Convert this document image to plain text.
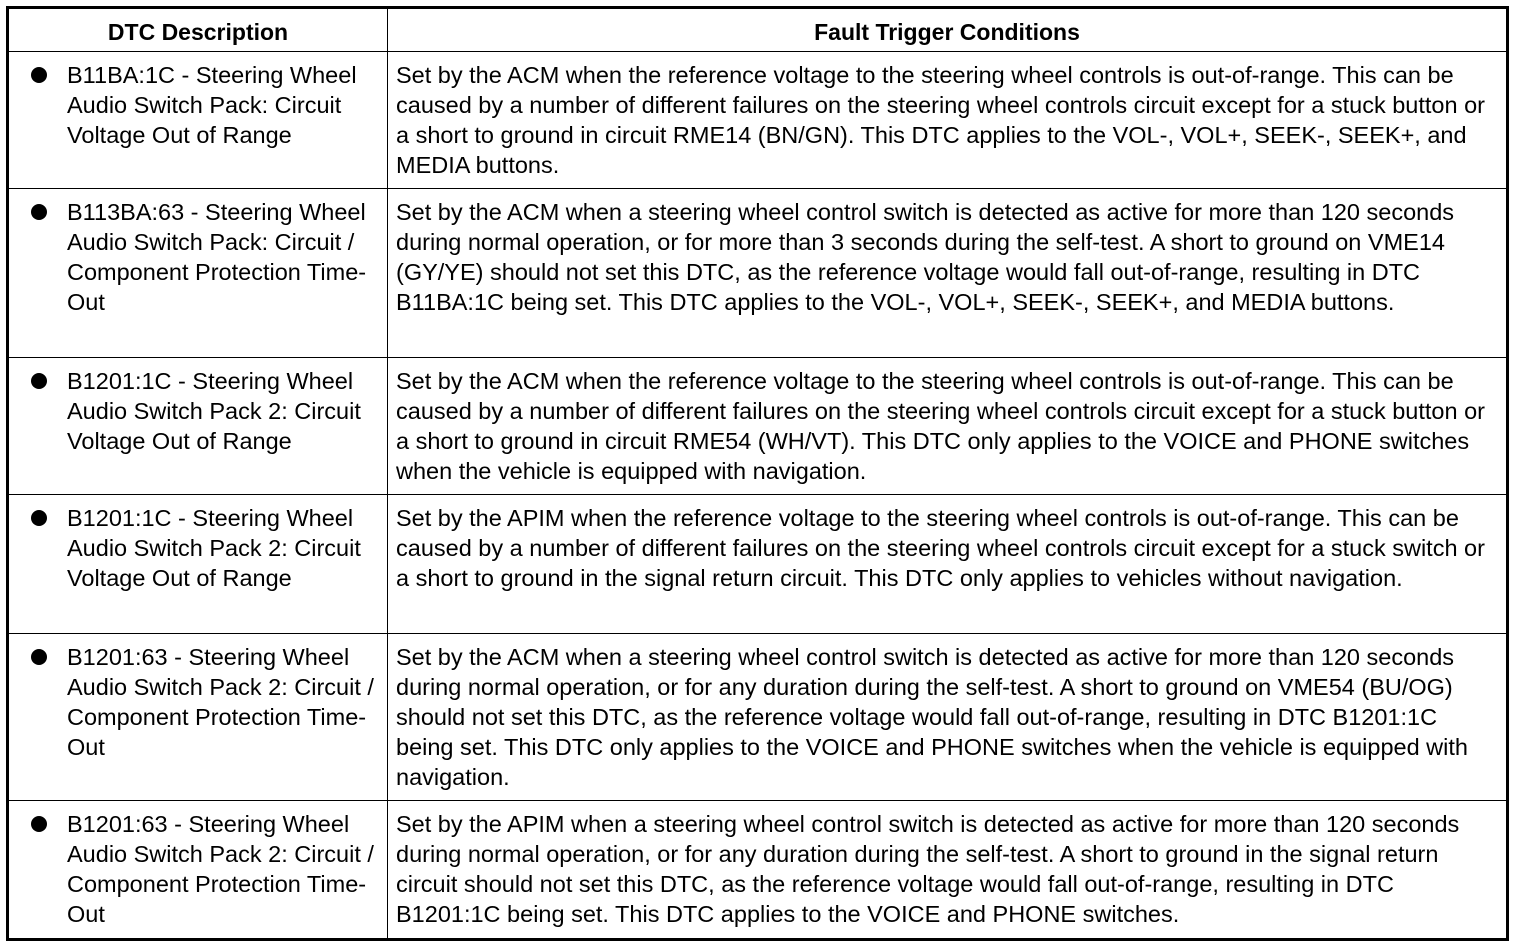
DTC Description	Fault Trigger Conditions

B11BA:1C - Steering Wheel Audio Switch Pack: Circuit Voltage Out of Range	Set by the ACM when the reference voltage to the steering wheel controls is out-of-range. This can be caused by a number of different failures on the steering wheel controls circuit except for a stuck button or a short to ground in circuit RME14 (BN/GN). This DTC applies to the VOL-, VOL+, SEEK-, SEEK+, and MEDIA buttons.

B113BA:63 - Steering Wheel Audio Switch Pack: Circuit / Component Protection Time-Out	Set by the ACM when a steering wheel control switch is detected as active for more than 120 seconds during normal operation, or for more than 3 seconds during the self-test. A short to ground on VME14 (GY/YE) should not set this DTC, as the reference voltage would fall out-of-range, resulting in DTC B11BA:1C being set. This DTC applies to the VOL-, VOL+, SEEK-, SEEK+, and MEDIA buttons.

B1201:1C - Steering Wheel Audio Switch Pack 2: Circuit Voltage Out of Range	Set by the ACM when the reference voltage to the steering wheel controls is out-of-range. This can be caused by a number of different failures on the steering wheel controls circuit except for a stuck button or a short to ground in circuit RME54 (WH/VT). This DTC only applies to the VOICE and PHONE switches when the vehicle is equipped with navigation.

B1201:1C - Steering Wheel Audio Switch Pack 2: Circuit Voltage Out of Range	Set by the APIM when the reference voltage to the steering wheel controls is out-of-range. This can be caused by a number of different failures on the steering wheel controls circuit except for a stuck switch or a short to ground in the signal return circuit. This DTC only applies to vehicles without navigation.

B1201:63 - Steering Wheel Audio Switch Pack 2: Circuit / Component Protection Time-Out	Set by the ACM when a steering wheel control switch is detected as active for more than 120 seconds during normal operation, or for any duration during the self-test. A short to ground on VME54 (BU/OG) should not set this DTC, as the reference voltage would fall out-of-range, resulting in DTC B1201:1C being set. This DTC only applies to the VOICE and PHONE switches when the vehicle is equipped with navigation.

B1201:63 - Steering Wheel Audio Switch Pack 2: Circuit / Component Protection Time-Out	Set by the APIM when a steering wheel control switch is detected as active for more than 120 seconds during normal operation, or for any duration during the self-test. A short to ground in the signal return circuit should not set this DTC, as the reference voltage would fall out-of-range, resulting in DTC B1201:1C being set. This DTC applies to the VOICE and PHONE switches.
